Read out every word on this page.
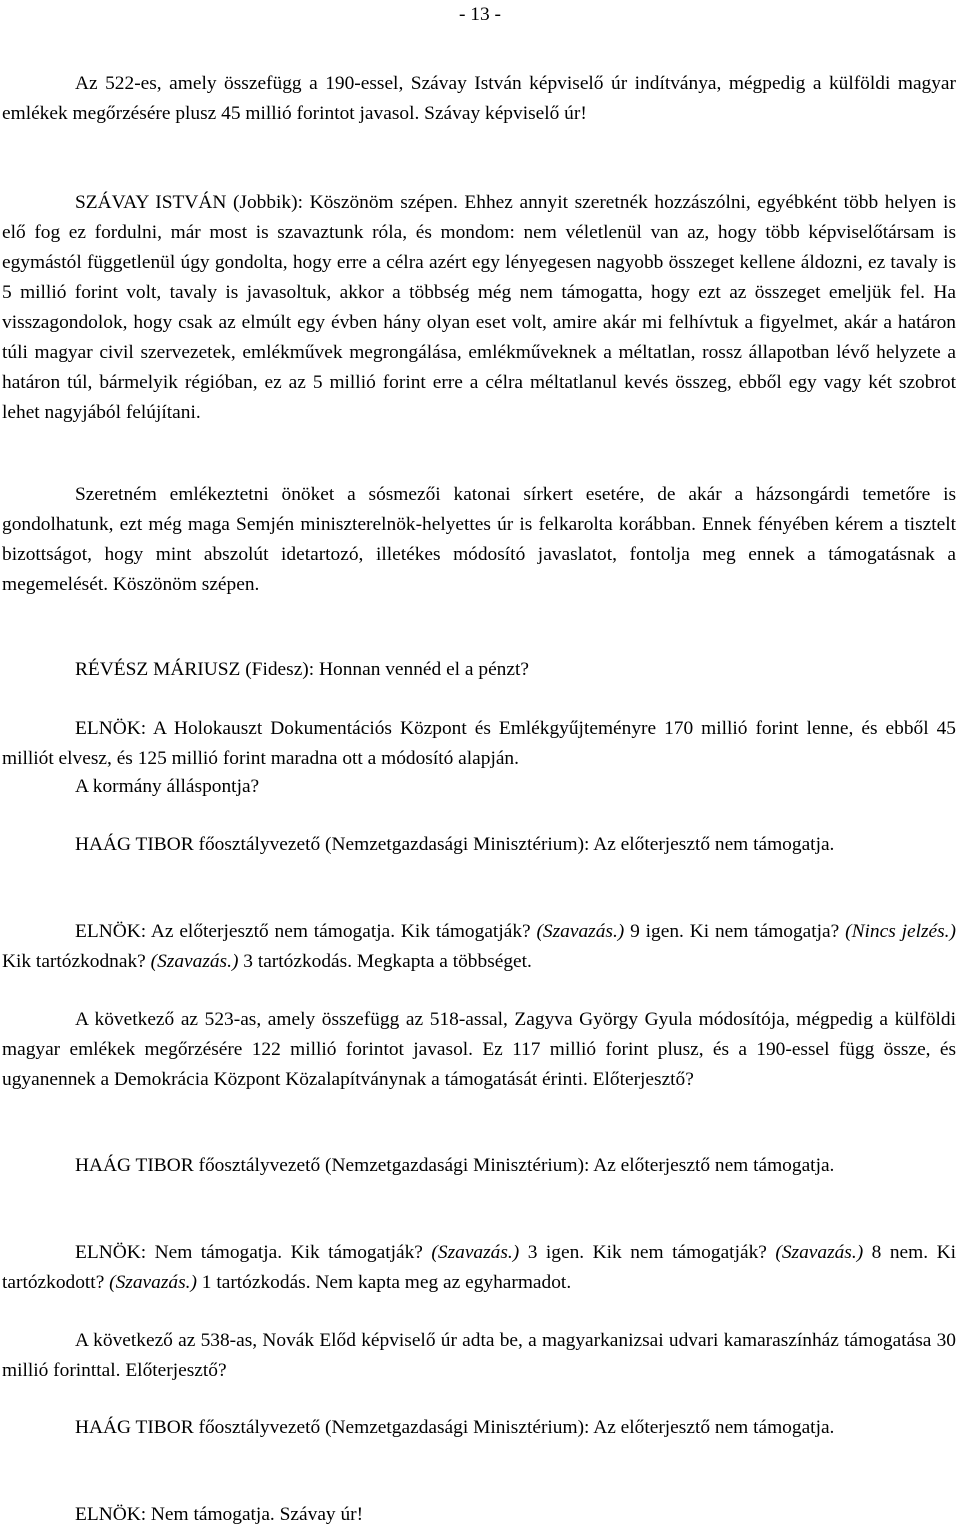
- 13 -

Az 522-es, amely összefügg a 190-essel, Szávay István képviselő úr indítványa, mégpedig a külföldi magyar emlékek megőrzésére plusz 45 millió forintot javasol. Szávay képviselő úr!

SZÁVAY ISTVÁN (Jobbik): Köszönöm szépen. Ehhez annyit szeretnék hozzászólni, egyébként több helyen is elő fog ez fordulni, már most is szavaztunk róla, és mondom: nem véletlenül van az, hogy több képviselőtársam is egymástól függetlenül úgy gondolta, hogy erre a célra azért egy lényegesen nagyobb összeget kellene áldozni, ez tavaly is 5 millió forint volt, tavaly is javasoltuk, akkor a többség még nem támogatta, hogy ezt az összeget emeljük fel. Ha visszagondolok, hogy csak az elmúlt egy évben hány olyan eset volt, amire akár mi felhívtuk a figyelmet, akár a határon túli magyar civil szervezetek, emlékművek megrongálása, emlékműveknek a méltatlan, rossz állapotban lévő helyzete a határon túl, bármelyik régióban, ez az 5 millió forint erre a célra méltatlanul kevés összeg, ebből egy vagy két szobrot lehet nagyjából felújítani.

Szeretném emlékeztetni önöket a sósmezői katonai sírkert esetére, de akár a házsongárdi temetőre is gondolhatunk, ezt még maga Semjén miniszterelnök-helyettes úr is felkarolta korábban. Ennek fényében kérem a tisztelt bizottságot, hogy mint abszolút idetartozó, illetékes módosító javaslatot, fontolja meg ennek a támogatásnak a megemelését. Köszönöm szépen.

RÉVÉSZ MÁRIUSZ (Fidesz): Honnan vennéd el a pénzt?

ELNÖK: A Holokauszt Dokumentációs Központ és Emlékgyűjteményre 170 millió forint lenne, és ebből 45 milliót elvesz, és 125 millió forint maradna ott a módosító alapján.

A kormány álláspontja?

HAÁG TIBOR főosztályvezető (Nemzetgazdasági Minisztérium): Az előterjesztő nem támogatja.

ELNÖK: Az előterjesztő nem támogatja. Kik támogatják? (Szavazás.) 9 igen. Ki nem támogatja? (Nincs jelzés.) Kik tartózkodnak? (Szavazás.) 3 tartózkodás. Megkapta a többséget.

A következő az 523-as, amely összefügg az 518-assal, Zagyva György Gyula módosítója, mégpedig a külföldi magyar emlékek megőrzésére 122 millió forintot javasol. Ez 117 millió forint plusz, és a 190-essel függ össze, és ugyanennek a Demokrácia Központ Közalapítványnak a támogatását érinti. Előterjesztő?

HAÁG TIBOR főosztályvezető (Nemzetgazdasági Minisztérium): Az előterjesztő nem támogatja.

ELNÖK: Nem támogatja. Kik támogatják? (Szavazás.) 3 igen. Kik nem támogatják? (Szavazás.) 8 nem. Ki tartózkodott? (Szavazás.) 1 tartózkodás. Nem kapta meg az egyharmadot.

A következő az 538-as, Novák Előd képviselő úr adta be, a magyarkanizsai udvari kamaraszínház támogatása 30 millió forinttal. Előterjesztő?

HAÁG TIBOR főosztályvezető (Nemzetgazdasági Minisztérium): Az előterjesztő nem támogatja.

ELNÖK: Nem támogatja. Szávay úr!
